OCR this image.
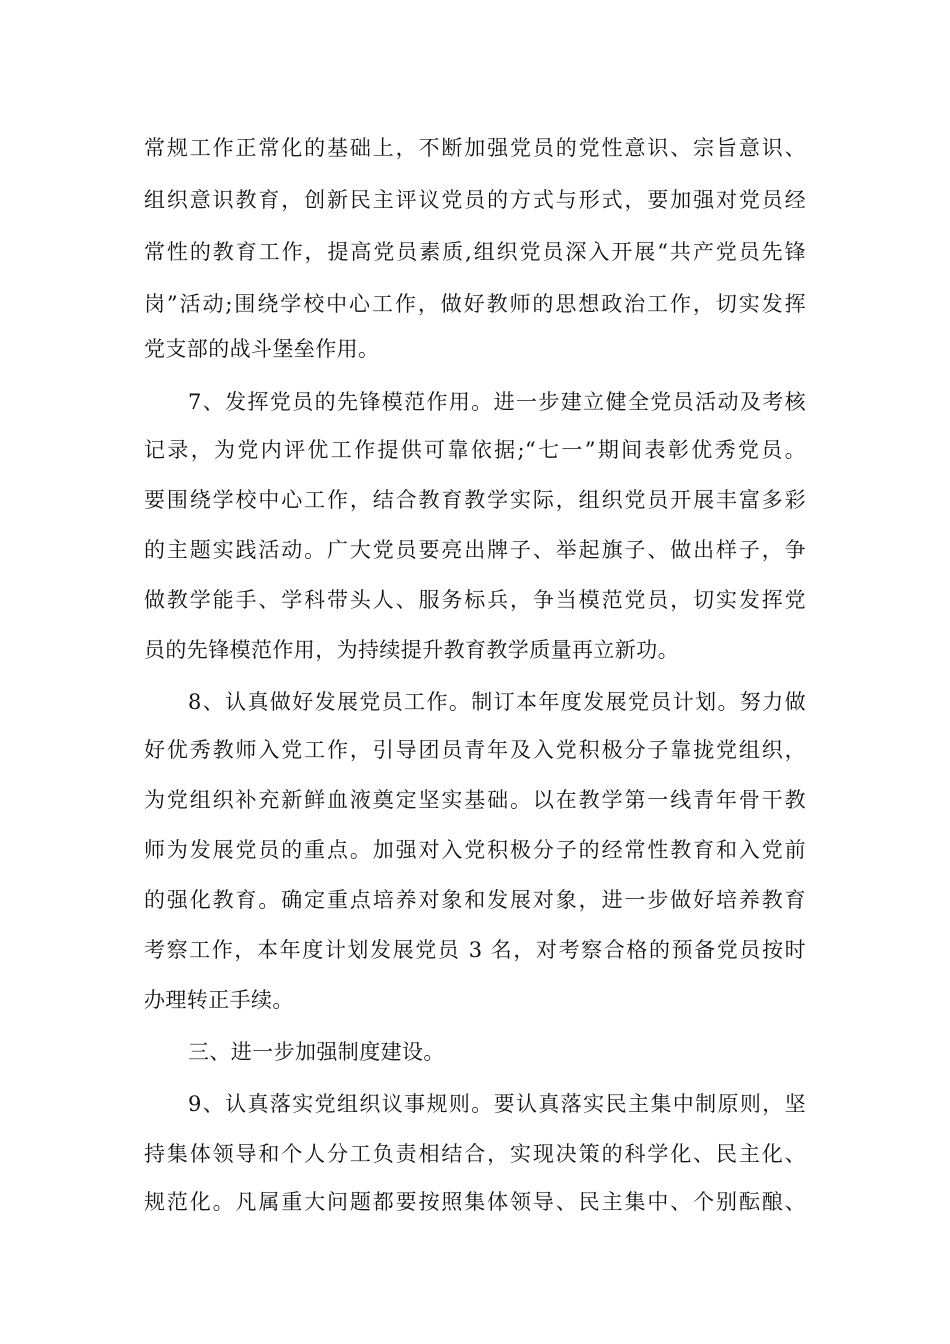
常规工作正常化的基础上，不断加强党员的党性意识、宗旨意识、
组织意识教育，创新民主评议党员的方式与形式，要加强对党员经
常性的教育工作，提高党员素质,组织党员深入开展“共产党员先锋
岗”活动;围绕学校中心工作，做好教师的思想政治工作，切实发挥
党支部的战斗堡垒作用。
7、发挥党员的先锋模范作用。进一步建立健全党员活动及考核
记录，为党内评优工作提供可靠依据;“七一”期间表彰优秀党员。
要围绕学校中心工作，结合教育教学实际，组织党员开展丰富多彩
的主题实践活动。广大党员要亮出牌子、举起旗子、做出样子，争
做教学能手、学科带头人、服务标兵，争当模范党员，切实发挥党
员的先锋模范作用，为持续提升教育教学质量再立新功。
8、认真做好发展党员工作。制订本年度发展党员计划。努力做
好优秀教师入党工作，引导团员青年及入党积极分子靠拢党组织，
为党组织补充新鲜血液奠定坚实基础。以在教学第一线青年骨干教
师为发展党员的重点。加强对入党积极分子的经常性教育和入党前
的强化教育。确定重点培养对象和发展对象，进一步做好培养教育
考察工作，本年度计划发展党员 3 名，对考察合格的预备党员按时
办理转正手续。
三、进一步加强制度建设。
9、认真落实党组织议事规则。要认真落实民主集中制原则，坚
持集体领导和个人分工负责相结合，实现决策的科学化、民主化、
规范化。凡属重大问题都要按照集体领导、民主集中、个别酝酿、
